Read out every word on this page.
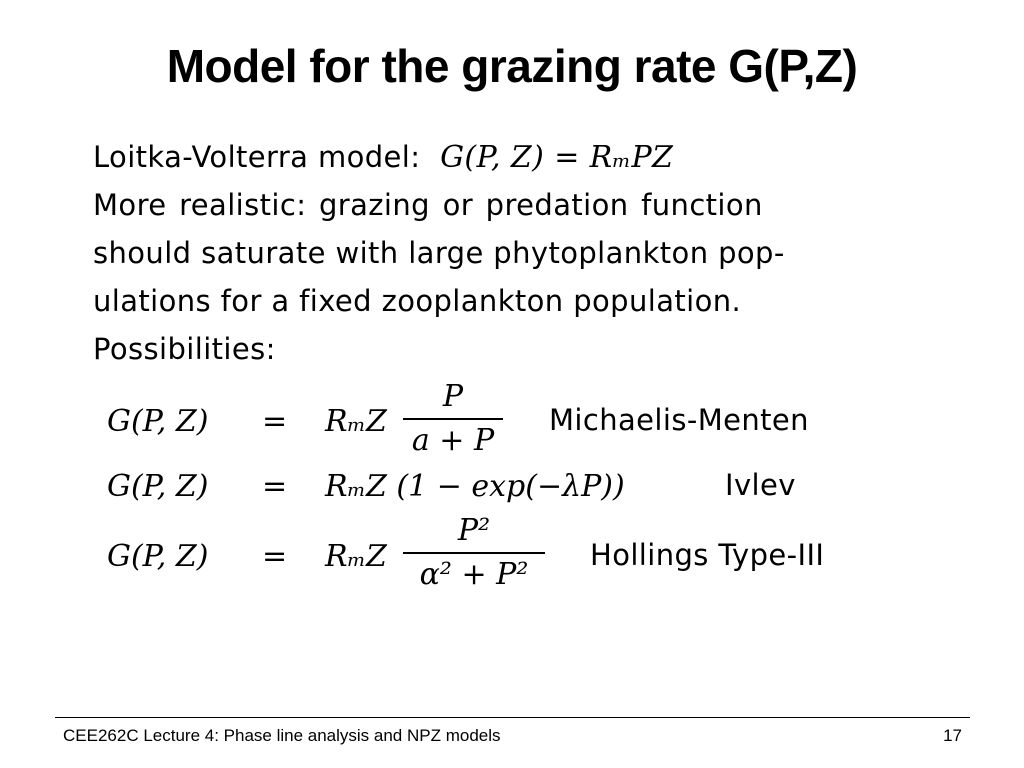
Model for the grazing rate G(P,Z)
Loitka-Volterra model: G(P, Z) = RₘPZ
More realistic: grazing or predation function
should saturate with large phytoplankton pop-
ulations for a fixed zooplankton population.
Possibilities:
G(P, Z) = RₘZ
P
a + P
Michaelis-Menten
G(P, Z) = RₘZ (1 − exp(−λP))	Ivlev
G(P, Z) = RₘZ
P²
α² + P²
Hollings Type-III
CEE262C Lecture 4: Phase line analysis and NPZ models	17
